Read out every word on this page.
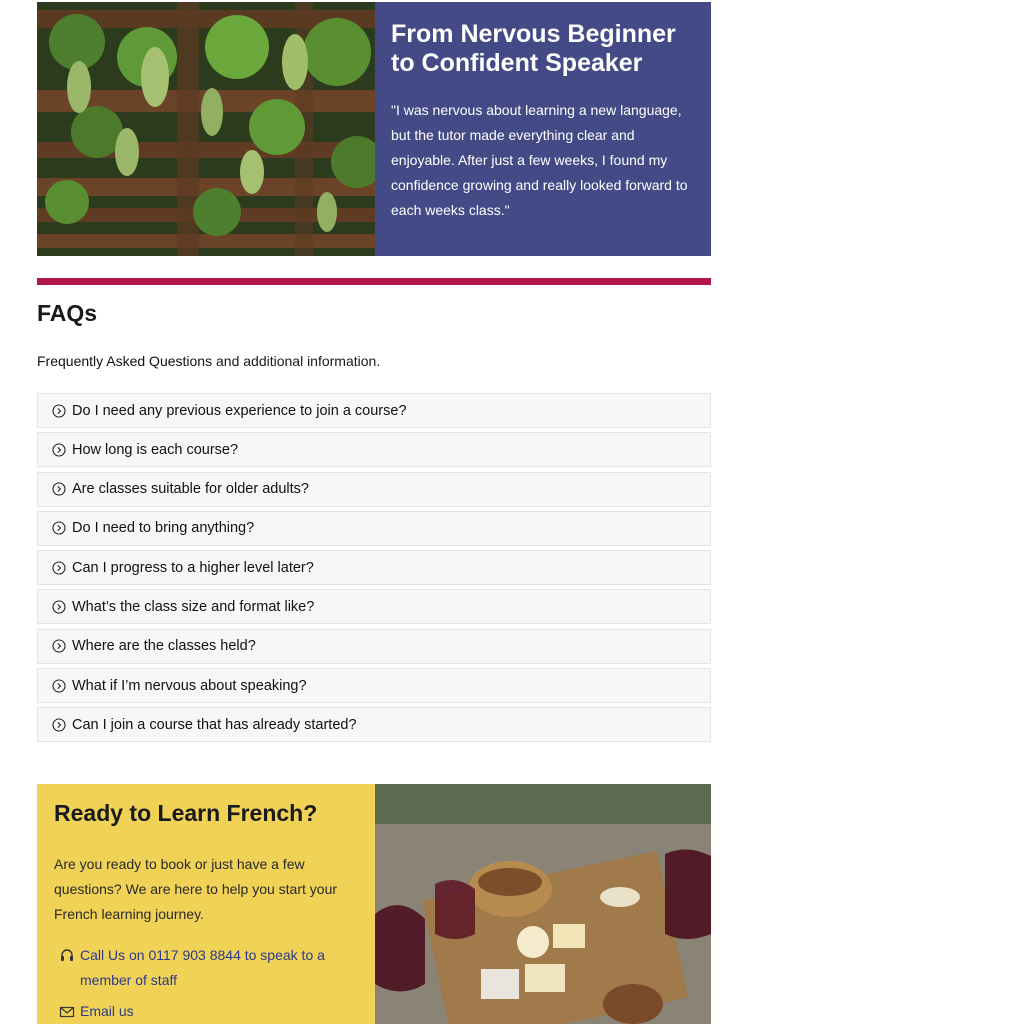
From Nervous Beginner to Confident Speaker

"I was nervous about learning a new language, but the tutor made everything clear and enjoyable. After just a few weeks, I found my confidence growing and really looked forward to each weeks class."

FAQs

Frequently Asked Questions and additional information.

Do I need any previous experience to join a course?
How long is each course?
Are classes suitable for older adults?
Do I need to bring anything?
Can I progress to a higher level later?
What’s the class size and format like?
Where are the classes held?
What if I’m nervous about speaking?
Can I join a course that has already started?
Ready to Learn French?

Are you ready to book or just have a few questions? We are here to help you start your French learning journey.

Call Us on 0117 903 8844 to speak to a member of staff
Email us
